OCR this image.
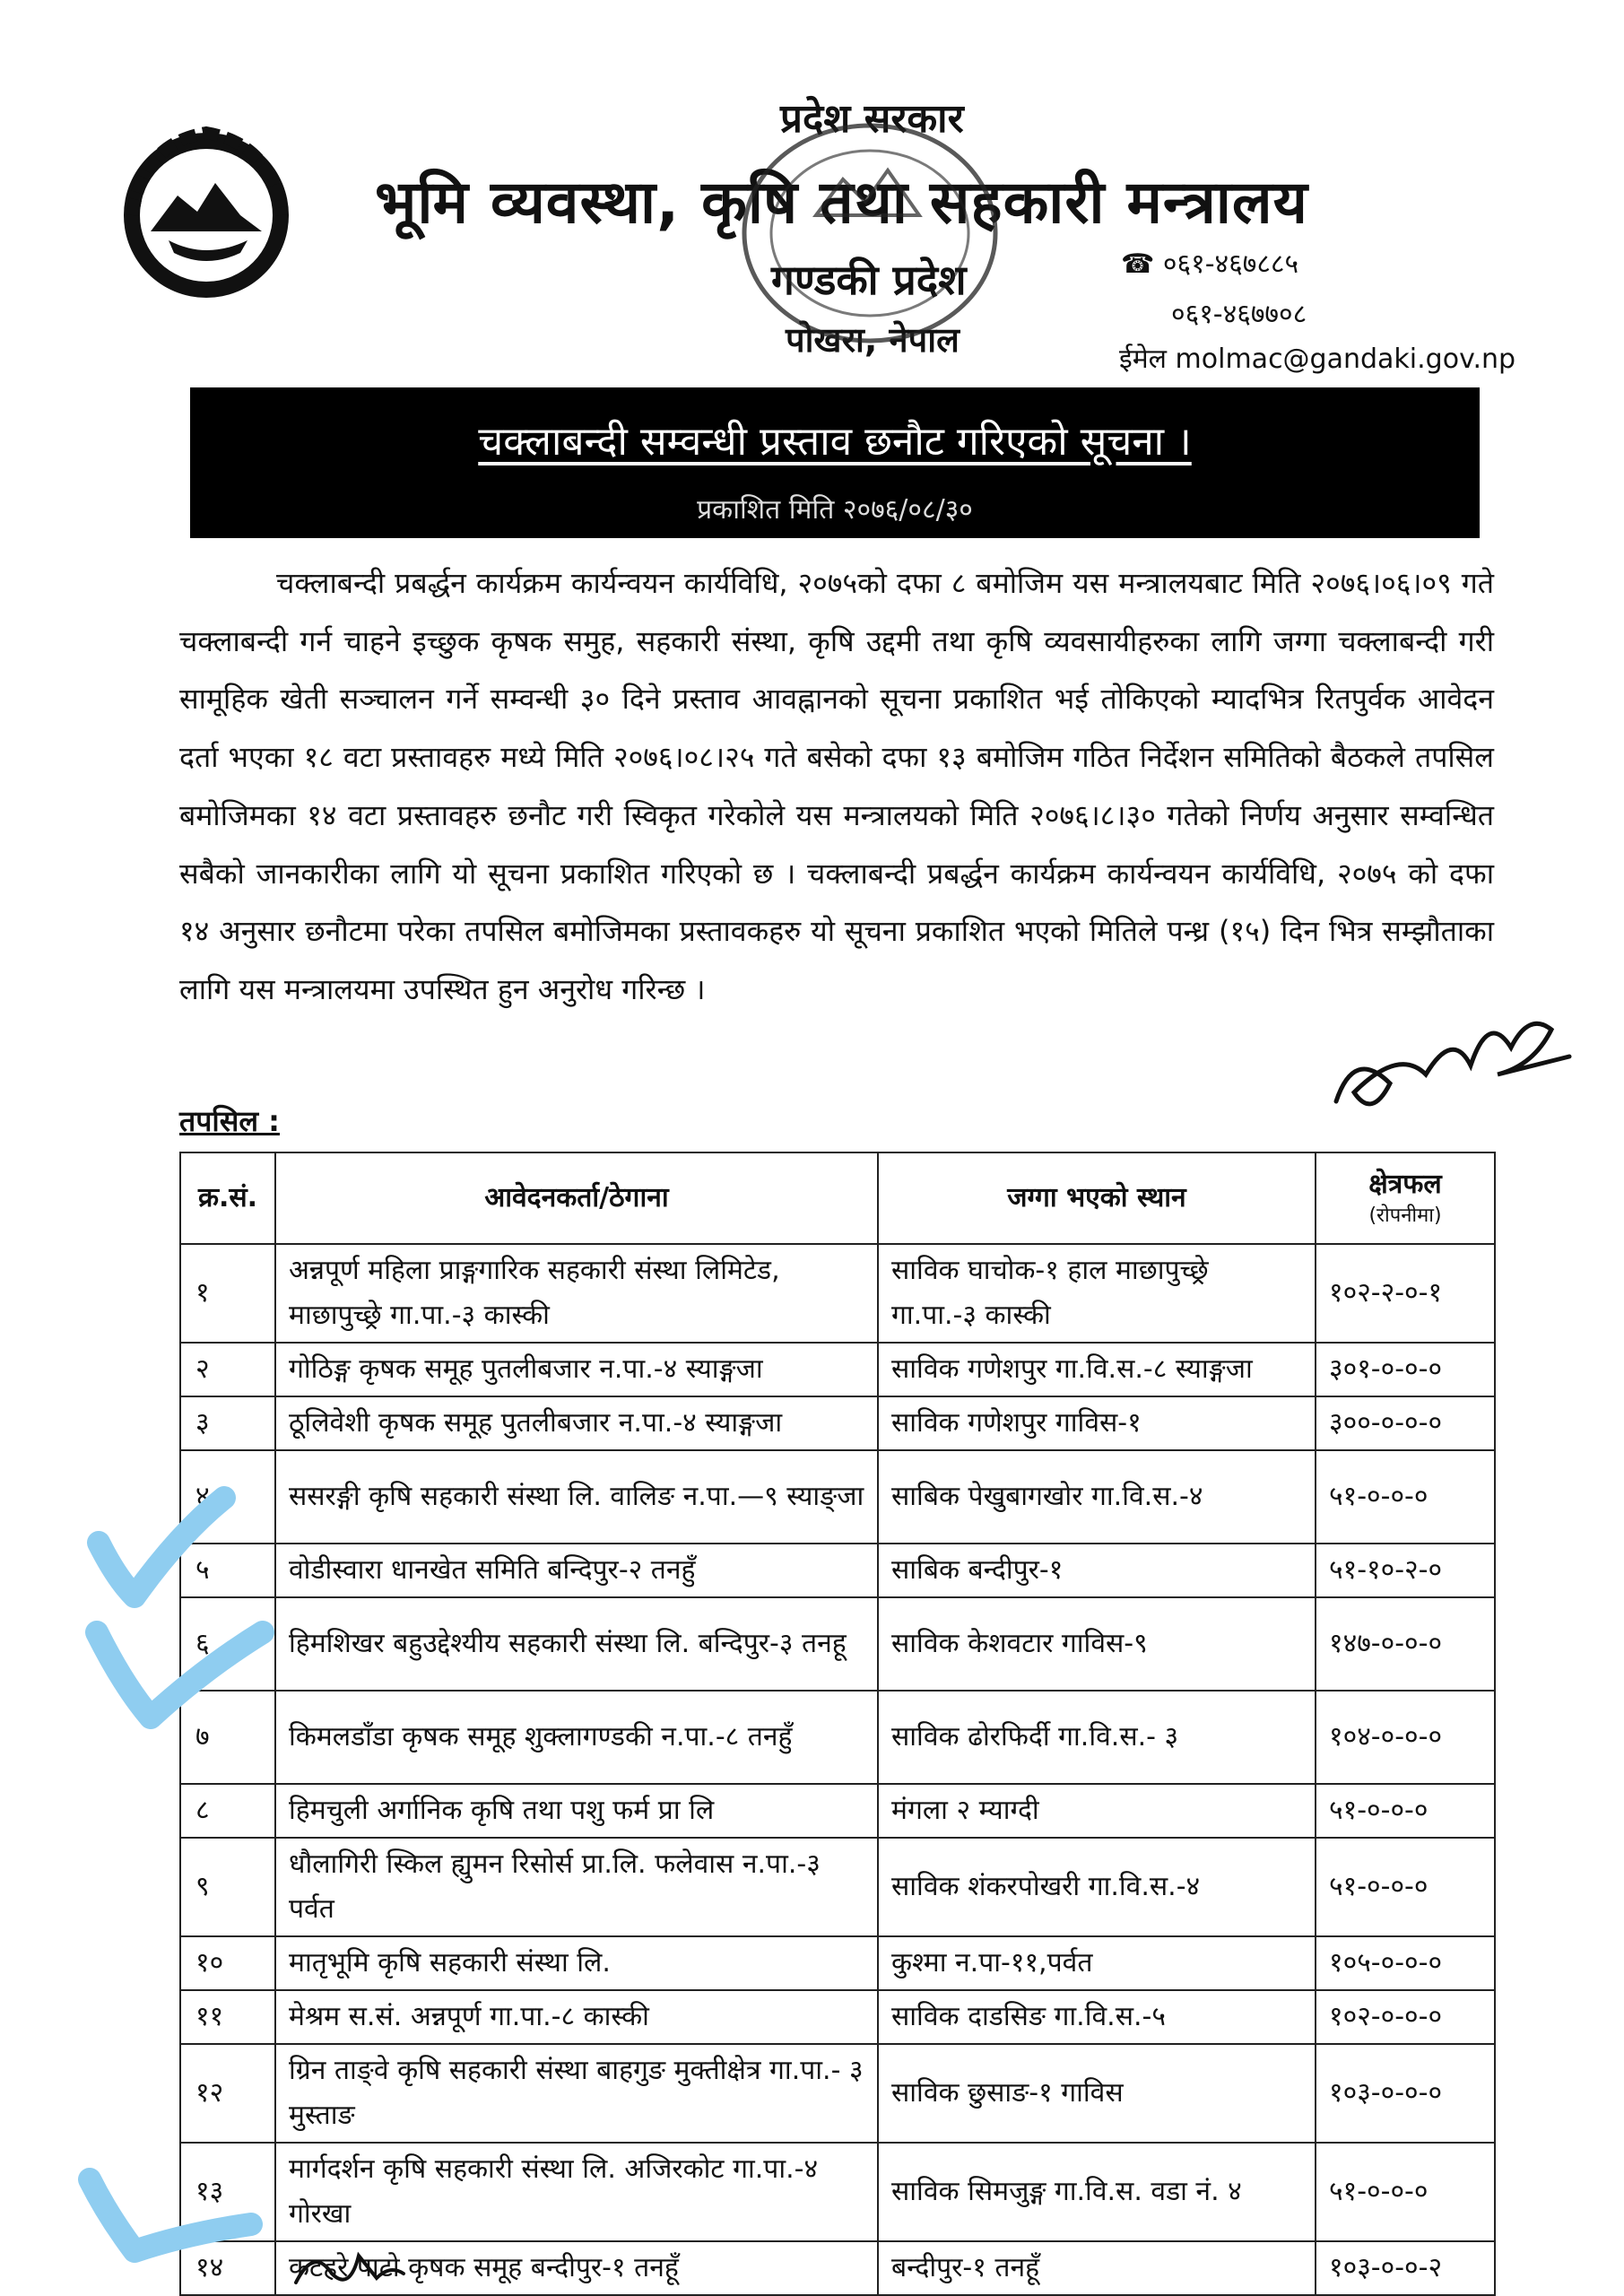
प्रदेश सरकार
भूमि व्यवस्था, कृषि तथा सहकारी मन्त्रालय
गण्डकी प्रदेश
पोखरा, नेपाल
☎ ०६१-४६७८८५
०६१-४६७७०८
ईमेल molmac@gandaki.gov.np
चक्लाबन्दी सम्वन्धी प्रस्ताव छनौट गरिएको सूचना ।
प्रकाशित मिति २०७६/०८/३०

चक्लाबन्दी प्रबर्द्धन कार्यक्रम कार्यन्वयन कार्यविधि, २०७५को दफा ८ बमोजिम यस मन्त्रालयबाट मिति २०७६।०६।०९ गते चक्लाबन्दी गर्न चाहने इच्छुक कृषक समुह, सहकारी संस्था, कृषि उद्दमी तथा कृषि व्यवसायीहरुका लागि जग्गा चक्लाबन्दी गरी सामूहिक खेती सञ्चालन गर्ने सम्वन्धी ३० दिने प्रस्ताव आवह्नानको सूचना प्रकाशित भई तोकिएको म्यादभित्र रितपुर्वक आवेदन दर्ता भएका १८ वटा प्रस्तावहरु मध्ये मिति २०७६।०८।२५ गते बसेको दफा १३ बमोजिम गठित निर्देशन समितिको बैठकले तपसिल बमोजिमका १४ वटा प्रस्तावहरु छनौट गरी स्विकृत गरेकोले यस मन्त्रालयको मिति २०७६।८।३० गतेको निर्णय अनुसार सम्वन्धित सबैको जानकारीका लागि यो सूचना प्रकाशित गरिएको छ । चक्लाबन्दी प्रबर्द्धन कार्यक्रम कार्यन्वयन कार्यविधि, २०७५ को दफा १४ अनुसार छनौटमा परेका तपसिल बमोजिमका प्रस्तावकहरु यो सूचना प्रकाशित भएको मितिले पन्ध्र (१५) दिन भित्र सम्झौताका लागि यस मन्त्रालयमा उपस्थित हुन अनुरोध गरिन्छ ।

तपसिल :
क्र.सं.	आवेदनकर्ता/ठेगाना	जग्गा भएको स्थान	क्षेत्रफल
(रोपनीमा)

१	अन्नपूर्ण महिला प्राङ्गगारिक सहकारी संस्था लिमिटेड, माछापुच्छ्रे गा.पा.-३ कास्की	साविक घाचोक-१ हाल माछापुच्छ्रे गा.पा.-३ कास्की	१०२-२-०-१
२	गोठिङ्ग कृषक समूह पुतलीबजार न.पा.-४ स्याङ्गजा	साविक गणेशपुर गा.वि.स.-८ स्याङ्गजा	३०१-०-०-०
३	ठूलिवेशी कृषक समूह पुतलीबजार न.पा.-४ स्याङ्गजा	साविक गणेशपुर गाविस-१	३००-०-०-०
४	ससरङ्गी कृषि सहकारी संस्था लि. वालिङ न.पा.—९ स्याङ्जा	साबिक पेखुबागखोर गा.वि.स.-४	५१-०-०-०
५	वोडीस्वारा धानखेत समिति बन्दिपुर-२ तनहुँ	साबिक बन्दीपुर-१	५१-१०-२-०
६	हिमशिखर बहुउद्देश्यीय सहकारी संस्था लि. बन्दिपुर-३ तनहू	साविक केशवटार गाविस-९	१४७-०-०-०
७	किमलडाँडा कृषक समूह शुक्लागण्डकी न.पा.-८ तनहुँ	साविक ढोरफिर्दी गा.वि.स.- ३	१०४-०-०-०
८	हिमचुली अर्गानिक कृषि तथा पशु फर्म प्रा लि	मंगला २ म्याग्दी	५१-०-०-०
९	धौलागिरी स्किल ह्युमन रिसोर्स प्रा.लि. फलेवास न.पा.-३ पर्वत	साविक शंकरपोखरी गा.वि.स.-४	५१-०-०-०
१०	मातृभूमि कृषि सहकारी संस्था लि.	कुश्मा न.पा-११,पर्वत	१०५-०-०-०
११	मेश्रम स.सं. अन्नपूर्ण गा.पा.-८ कास्की	साविक दाडसिङ गा.वि.स.-५	१०२-०-०-०
१२	ग्रिन ताङ्वे कृषि सहकारी संस्था बाहगुङ मुक्तीक्षेत्र गा.पा.- ३ मुस्ताङ	साविक छुसाङ-१ गाविस	१०३-०-०-०
१३	मार्गदर्शन कृषि सहकारी संस्था लि. अजिरकोट गा.पा.-४ गोरखा	साविक सिमजुङ्ग गा.वि.स. वडा नं. ४	५१-०-०-०
१४	कटहरे पाटो कृषक समूह बन्दीपुर-१ तनहूँ	बन्दीपुर-१ तनहूँ	१०३-०-०-२
